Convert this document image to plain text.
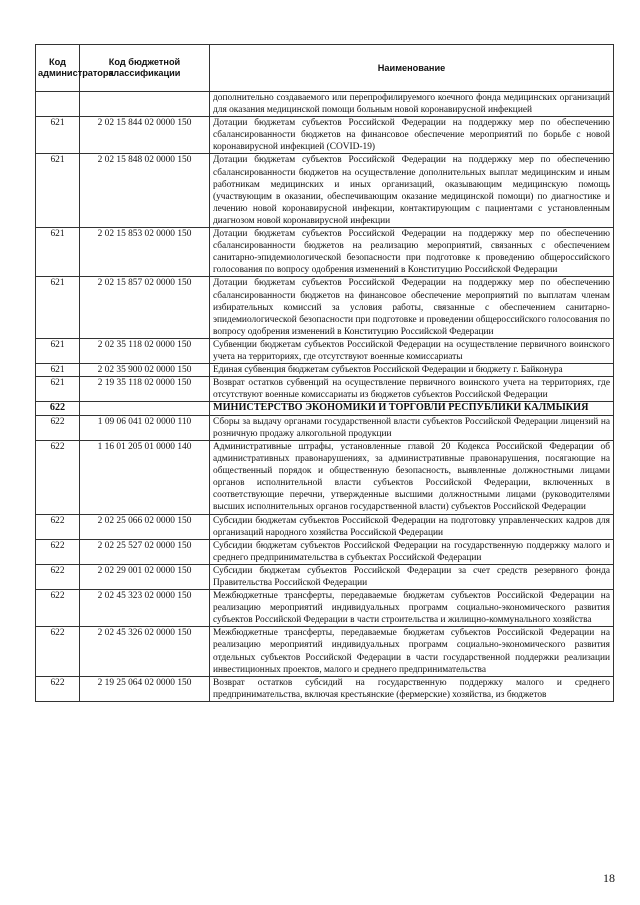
Код администратора	Код бюджетной классификации	Наименование
		дополнительно создаваемого или перепрофилируемого коечного фонда медицинских организаций для оказания медицинской помощи больным новой коронавирусной инфекцией
621	2 02 15 844 02 0000 150	Дотации бюджетам субъектов Российской Федерации на поддержку мер по обеспечению сбалансированности бюджетов на финансовое обеспечение мероприятий по борьбе с новой коронавирусной инфекцией (COVID-19)
621	2 02 15 848 02 0000 150	Дотации бюджетам субъектов Российской Федерации на поддержку мер по обеспечению сбалансированности бюджетов на осуществление дополнительных выплат медицинским и иным работникам медицинских и иных организаций, оказывающим медицинскую помощь (участвующим в оказании, обеспечивающим оказание медицинской помощи) по диагностике и лечению новой коронавирусной инфекции, контактирующим с пациентами с установленным диагнозом новой коронавирусной инфекции
621	2 02 15 853 02 0000 150	Дотации бюджетам субъектов Российской Федерации на поддержку мер по обеспечению сбалансированности бюджетов на реализацию мероприятий, связанных с обеспечением санитарно-эпидемиологической безопасности при подготовке к проведению общероссийского голосования по вопросу одобрения изменений в Конституцию Российской Федерации
621	2 02 15 857 02 0000 150	Дотации бюджетам субъектов Российской Федерации на поддержку мер по обеспечению сбалансированности бюджетов на финансовое обеспечение мероприятий по выплатам членам избирательных комиссий за условия работы, связанные с обеспечением санитарно-эпидемиологической безопасности при подготовке и проведении общероссийского голосования по вопросу одобрения изменений в Конституцию Российской Федерации
621	2 02 35 118 02 0000 150	Субвенции бюджетам субъектов Российской Федерации на осуществление первичного воинского учета на территориях, где отсутствуют военные комиссариаты
621	2 02 35 900 02 0000 150	Единая субвенция бюджетам субъектов Российской Федерации и бюджету г. Байконура
621	2 19 35 118 02 0000 150	Возврат остатков субвенций на осуществление первичного воинского учета на территориях, где отсутствуют военные комиссариаты из бюджетов субъектов Российской Федерации
622		МИНИСТЕРСТВО ЭКОНОМИКИ И ТОРГОВЛИ РЕСПУБЛИКИ КАЛМЫКИЯ
622	1 09 06 041 02 0000 110	Сборы за выдачу органами государственной власти субъектов Российской Федерации лицензий на розничную продажу алкогольной продукции
622	1 16 01 205 01 0000 140	Административные штрафы, установленные главой 20 Кодекса Российской Федерации об административных правонарушениях, за административные правонарушения, посягающие на общественный порядок и общественную безопасность, выявленные должностными лицами органов исполнительной власти субъектов Российской Федерации, включенных в соответствующие перечни, утвержденные высшими должностными лицами (руководителями высших исполнительных органов государственной власти) субъектов Российской Федерации
622	2 02 25 066 02 0000 150	Субсидии бюджетам субъектов Российской Федерации на подготовку управленческих кадров для организаций народного хозяйства Российской Федерации
622	2 02 25 527 02 0000 150	Субсидии бюджетам субъектов Российской Федерации на государственную поддержку малого и среднего предпринимательства в субъектах Российской Федерации
622	2 02 29 001 02 0000 150	Субсидии бюджетам субъектов Российской Федерации за счет средств резервного фонда Правительства Российской Федерации
622	2 02 45 323 02 0000 150	Межбюджетные трансферты, передаваемые бюджетам субъектов Российской Федерации на реализацию мероприятий индивидуальных программ социально-экономического развития субъектов Российской Федерации в части строительства и жилищно-коммунального хозяйства
622	2 02 45 326 02 0000 150	Межбюджетные трансферты, передаваемые бюджетам субъектов Российской Федерации на реализацию мероприятий индивидуальных программ социально-экономического развития отдельных субъектов Российской Федерации в части государственной поддержки реализации инвестиционных проектов, малого и среднего предпринимательства
622	2 19 25 064 02 0000 150	Возврат остатков субсидий на государственную поддержку малого и среднего предпринимательства, включая крестьянские (фермерские) хозяйства, из бюджетов
18
